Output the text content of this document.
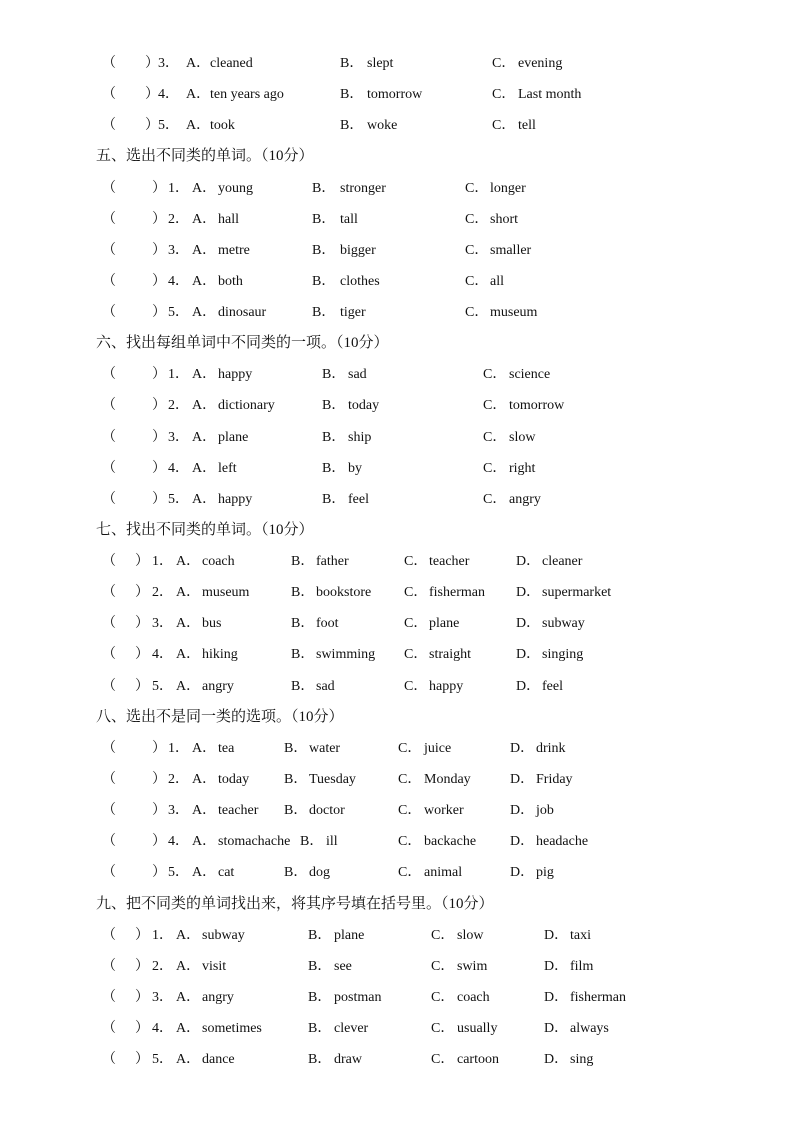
（ ） 3． A． cleaned	B． slept	C． evening
（ ） 4． A． ten years ago	B． tomorrow	C． Last month
（ ） 5． A． took	B． woke	C． tell
五、选出不同类的单词。（10分）
（	） 1． A． young	B． stronger	C． longer
（	） 2． A． hall	B． tall	C． short
（	） 3． A． metre	B． bigger	C． smaller
（	） 4． A． both	B． clothes	C． all
（	） 5． A． dinosaur	B． tiger	C． museum
六、找出每组单词中不同类的一项。（10分）
（	） 1． A． happy	B． sad	C． science
（	） 2． A． dictionary	B． today	C． tomorrow
（	） 3． A． plane	B． ship	C． slow
（	） 4． A． left	B． by	C． right
（	） 5． A． happy	B． feel	C． angry
七、找出不同类的单词。（10分）
（ ） 1． A． coach	B． father	C． teacher	D． cleaner
（ ） 2． A． museum	B． bookstore C． fisherman D． supermarket
（ ） 3． A． bus	B． foot	C． plane	D． subway
（ ） 4． A． hiking	B． swimming C． straight	D． singing
（ ） 5． A． angry	B． sad	C． happy	D． feel
八、选出不是同一类的选项。（10分）
（	） 1． A． tea	B． water	C． juice	D． drink
（	） 2． A． today B． Tuesday	C． Monday	D． Friday
（	） 3． A． teacher B． doctor	C． worker	D． job
（	） 4． A． stomachache B． ill	C． backache D． headache
（	） 5． A． cat	B． dog	C． animal	D． pig
九、把不同类的单词找出来，将其序号填在括号里。（10分）
（ ） 1． A． subway	B． plane	C． slow	D． taxi
（ ） 2． A． visit	B． see	C． swim	D． film
（ ） 3． A． angry	B． postman	C． coach	D． fisherman
（ ） 4． A． sometimes	B． clever	C． usually	D． always
（ ） 5． A． dance	B． draw	C． cartoon	D． sing
